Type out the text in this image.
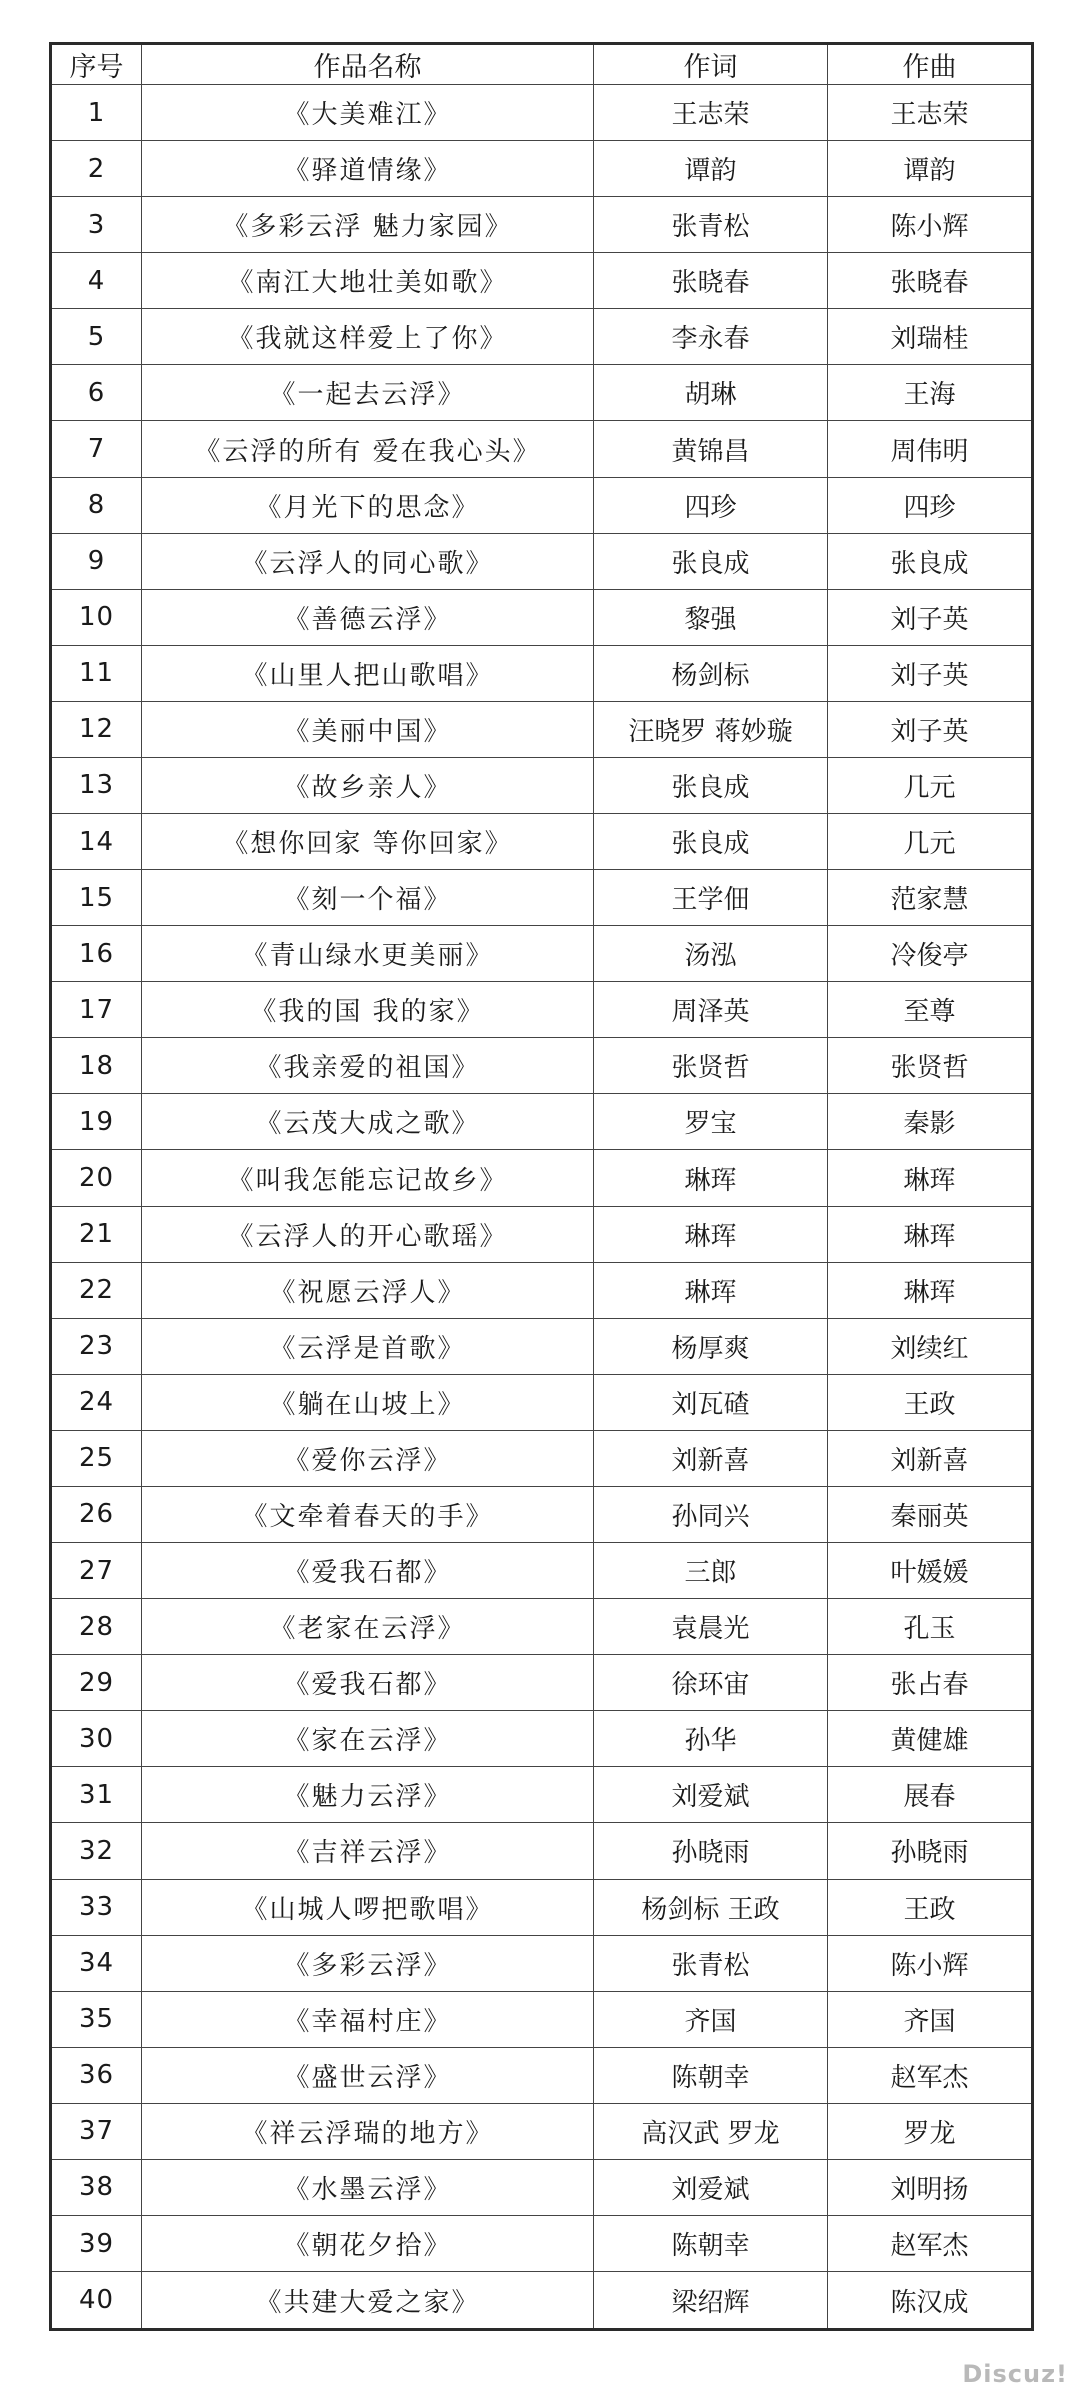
序号	作品名称	作词	作曲
1	《大美难江》	王志荣	王志荣
2	《驿道情缘》	谭韵	谭韵
3	《多彩云浮 魅力家园》	张青松	陈小辉
4	《南江大地壮美如歌》	张晓春	张晓春
5	《我就这样爱上了你》	李永春	刘瑞桂
6	《一起去云浮》	胡琳	王海
7	《云浮的所有 爱在我心头》	黄锦昌	周伟明
8	《月光下的思念》	四珍	四珍
9	《云浮人的同心歌》	张良成	张良成
10	《善德云浮》	黎强	刘子英
11	《山里人把山歌唱》	杨剑标	刘子英
12	《美丽中国》	汪晓罗 蒋妙璇	刘子英
13	《故乡亲人》	张良成	几元
14	《想你回家 等你回家》	张良成	几元
15	《刻一个福》	王学佃	范家慧
16	《青山绿水更美丽》	汤泓	冷俊亭
17	《我的国 我的家》	周泽英	至尊
18	《我亲爱的祖国》	张贤哲	张贤哲
19	《云茂大成之歌》	罗宝	秦影
20	《叫我怎能忘记故乡》	琳珲	琳珲
21	《云浮人的开心歌瑶》	琳珲	琳珲
22	《祝愿云浮人》	琳珲	琳珲
23	《云浮是首歌》	杨厚爽	刘续红
24	《躺在山坡上》	刘瓦碴	王政
25	《爱你云浮》	刘新喜	刘新喜
26	《文牵着春天的手》	孙同兴	秦丽英
27	《爱我石都》	三郎	叶媛媛
28	《老家在云浮》	袁晨光	孔玉
29	《爱我石都》	徐环宙	张占春
30	《家在云浮》	孙华	黄健雄
31	《魅力云浮》	刘爱斌	展春
32	《吉祥云浮》	孙晓雨	孙晓雨
33	《山城人啰把歌唱》	杨剑标 王政	王政
34	《多彩云浮》	张青松	陈小辉
35	《幸福村庄》	齐国	齐国
36	《盛世云浮》	陈朝幸	赵军杰
37	《祥云浮瑞的地方》	高汉武 罗龙	罗龙
38	《水墨云浮》	刘爱斌	刘明扬
39	《朝花夕拾》	陈朝幸	赵军杰
40	《共建大爱之家》	梁绍辉	陈汉成
Discuz!
